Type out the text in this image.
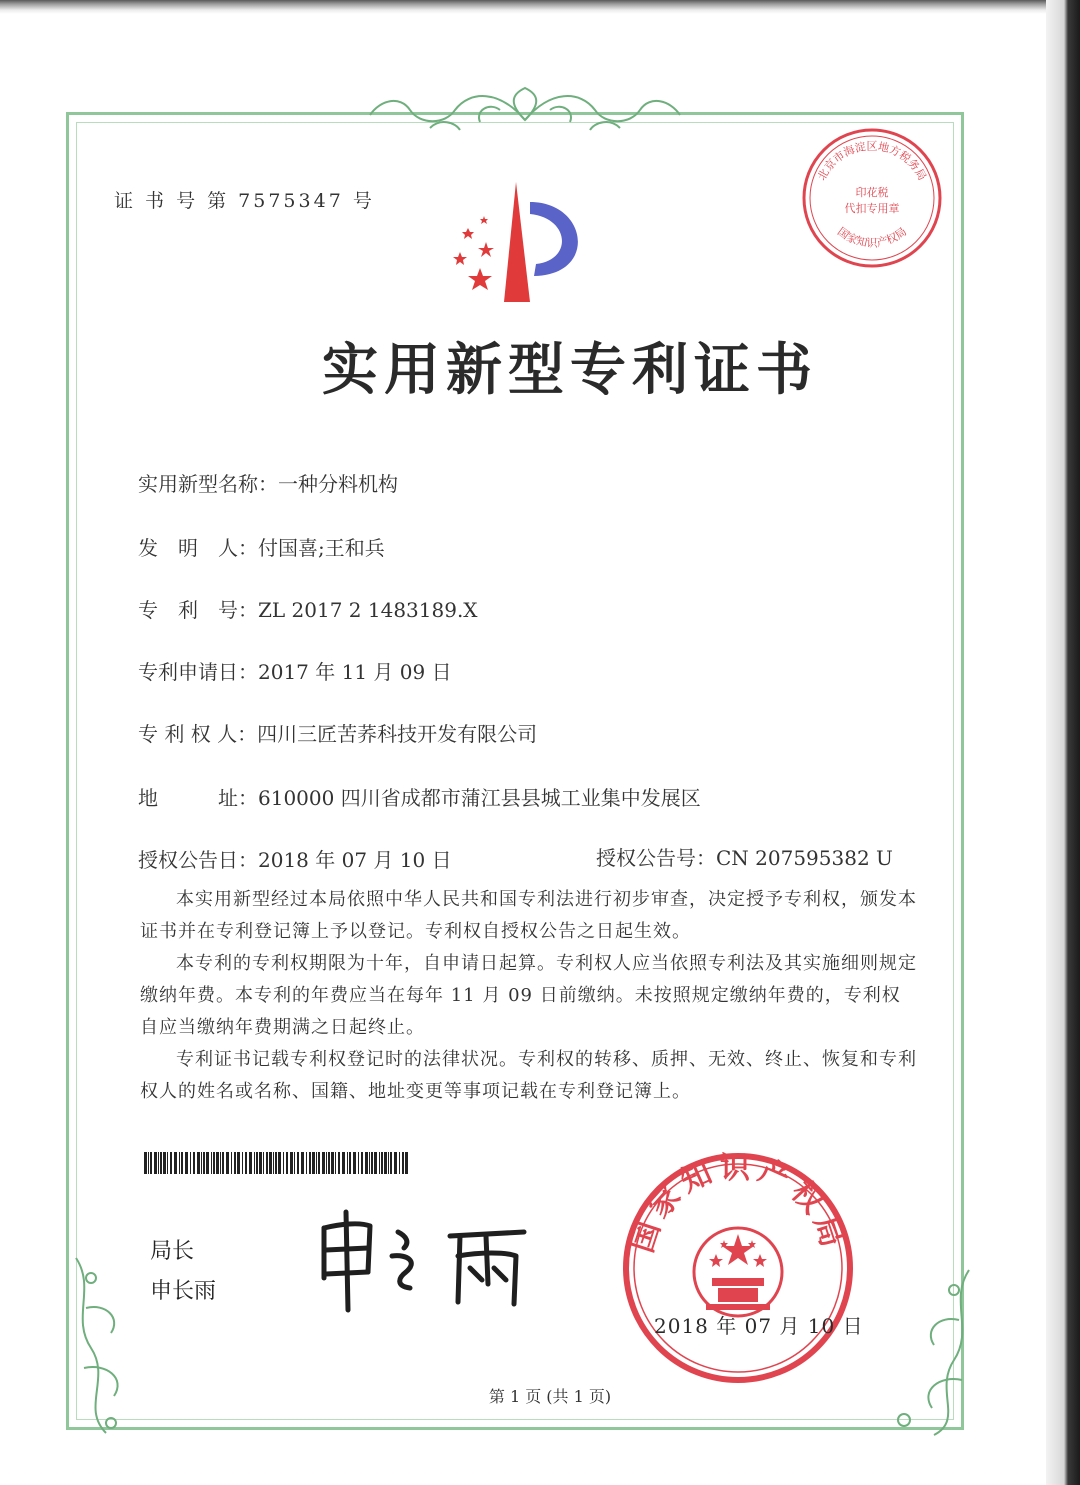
证 书 号 第 7575347 号
实用新型专利证书
实用新型名称：一种分料机构
发　明　人：付国喜;王和兵
专　利　号：ZL 2017 2 1483189.X
专利申请日：2017 年 11 月 09 日
专 利 权 人：四川三匠苦荞科技开发有限公司
地　　　址：610000 四川省成都市蒲江县县城工业集中发展区
授权公告日：2018 年 07 月 10 日	授权公告号：CN 207595382 U

本实用新型经过本局依照中华人民共和国专利法进行初步审查，决定授予专利权，颁发本证书并在专利登记簿上予以登记。专利权自授权公告之日起生效。

本专利的专利权期限为十年，自申请日起算。专利权人应当依照专利法及其实施细则规定缴纳年费。本专利的年费应当在每年 11 月 09 日前缴纳。未按照规定缴纳年费的，专利权自应当缴纳年费期满之日起终止。

专利证书记载专利权登记时的法律状况。专利权的转移、质押、无效、终止、恢复和专利权人的姓名或名称、国籍、地址变更等事项记载在专利登记簿上。

局长
申长雨
国家知识产权局
2018 年 07 月 10 日
北京市海淀区地方税务局
印花税
代扣专用章
国家知识产权局
第 1 页 (共 1 页)
